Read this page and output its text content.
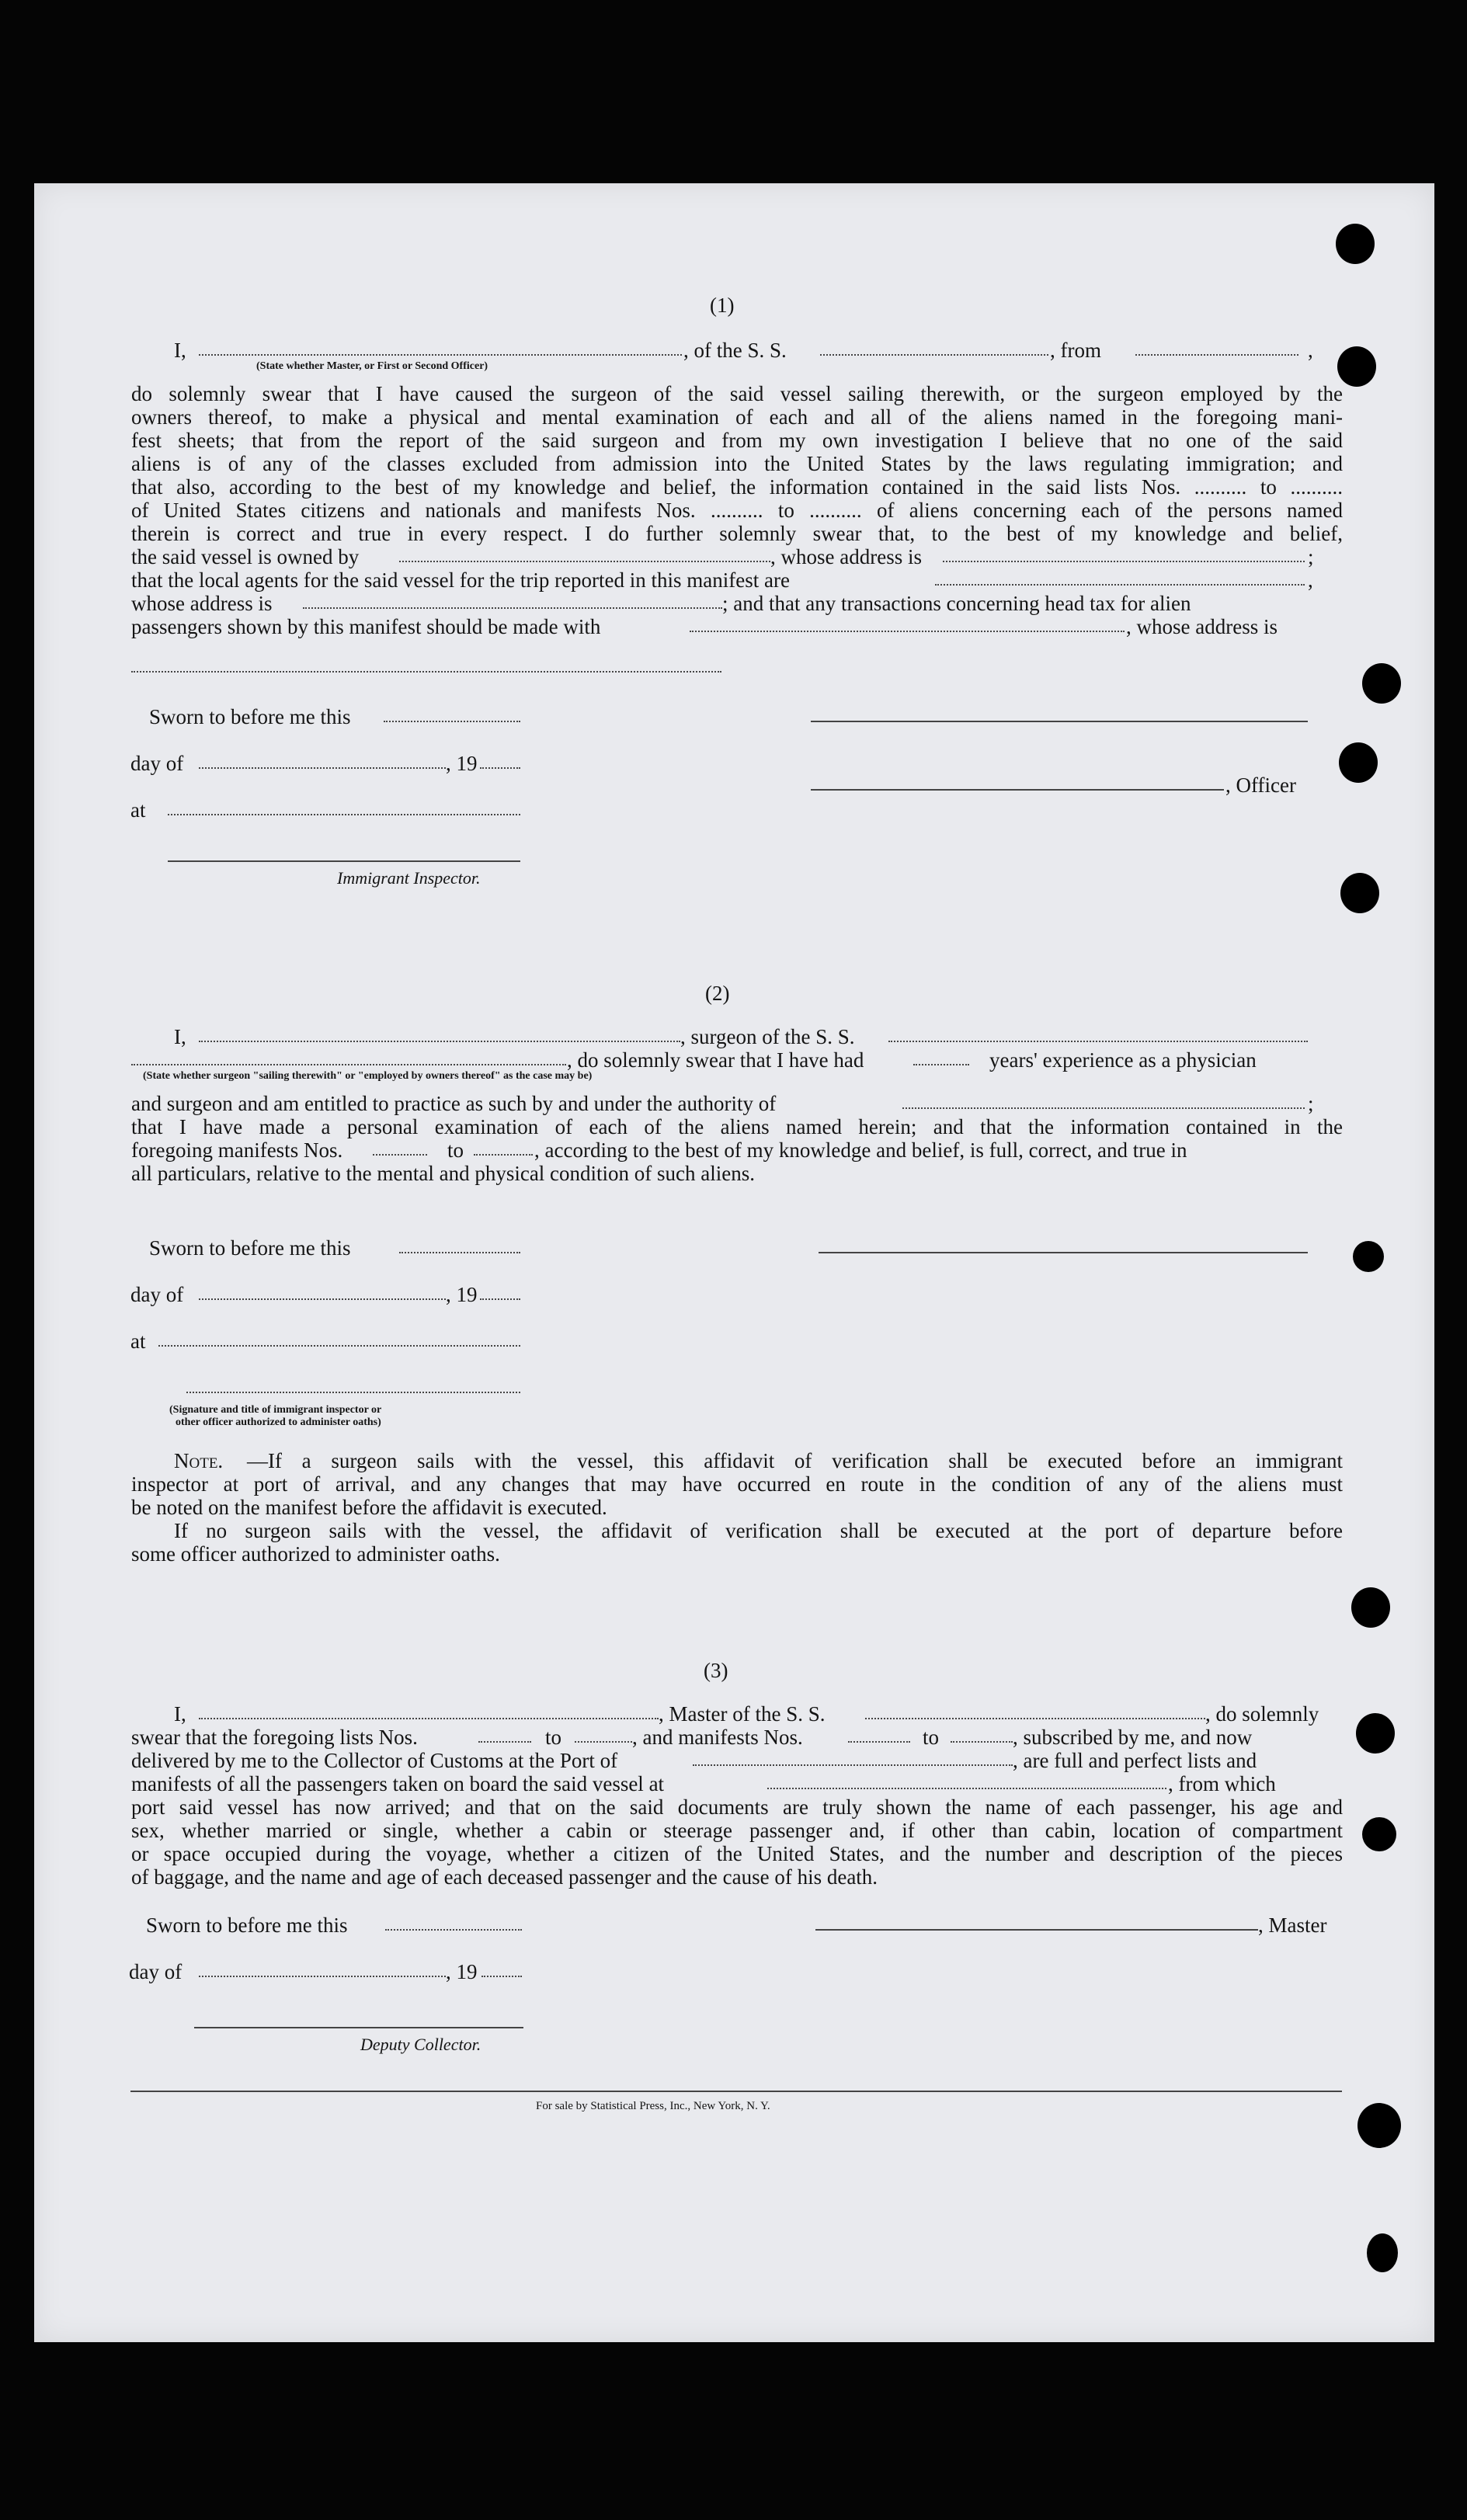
(1)
I,
(State whether Master, or First or Second Officer)
, of the S. S.	, from	,
do solemnly swear that I have caused the surgeon of the said vessel sailing therewith, or the surgeon employed by the
owners thereof, to make a physical and mental examination of each and all of the aliens named in the foregoing mani-
fest sheets; that from the report of the said surgeon and from my own investigation I believe that no one of the said
aliens is of any of the classes excluded from admission into the United States by the laws regulating immigration; and
that also, according to the best of my knowledge and belief, the information contained in the said lists Nos. .......... to ..........
of United States citizens and nationals and manifests Nos. .......... to .......... of aliens concerning each of the persons named
therein is correct and true in every respect. I do further solemnly swear that, to the best of my knowledge and belief,
the said vessel is owned by	, whose address is	;
that the local agents for the said vessel for the trip reported in this manifest are	,
whose address is	; and that any transactions concerning head tax for alien
passengers shown by this manifest should be made with	, whose address is
Sworn to before me this
day of	, 19
at
Immigrant Inspector.
, Officer
(2)
I,	, surgeon of the S. S.
(State whether surgeon "sailing therewith" or "employed by owners thereof" as the case may be)
, do solemnly swear that I have had	years' experience as a physician
and surgeon and am entitled to practice as such by and under the authority of	;
that I have made a personal examination of each of the aliens named herein; and that the information contained in the
foregoing manifests Nos.	to	, according to the best of my knowledge and belief, is full, correct, and true in
all particulars, relative to the mental and physical condition of such aliens.
Sworn to before me this
day of	, 19
at
(Signature and title of immigrant inspector or
other officer authorized to administer oaths)
Note. —If a surgeon sails with the vessel, this affidavit of verification shall be executed before an immigrant
inspector at port of arrival, and any changes that may have occurred en route in the condition of any of the aliens must
be noted on the manifest before the affidavit is executed.
If no surgeon sails with the vessel, the affidavit of verification shall be executed at the port of departure before
some officer authorized to administer oaths.
(3)
I,	, Master of the S. S.	, do solemnly
swear that the foregoing lists Nos.	to	, and manifests Nos.	to	, subscribed by me, and now
delivered by me to the Collector of Customs at the Port of	, are full and perfect lists and
manifests of all the passengers taken on board the said vessel at	, from which
port said vessel has now arrived; and that on the said documents are truly shown the name of each passenger, his age and
sex, whether married or single, whether a cabin or steerage passenger and, if other than cabin, location of compartment
or space occupied during the voyage, whether a citizen of the United States, and the number and description of the pieces
of baggage, and the name and age of each deceased passenger and the cause of his death.
Sworn to before me this	, Master
day of	, 19
Deputy Collector.
For sale by Statistical Press, Inc., New York, N. Y.
